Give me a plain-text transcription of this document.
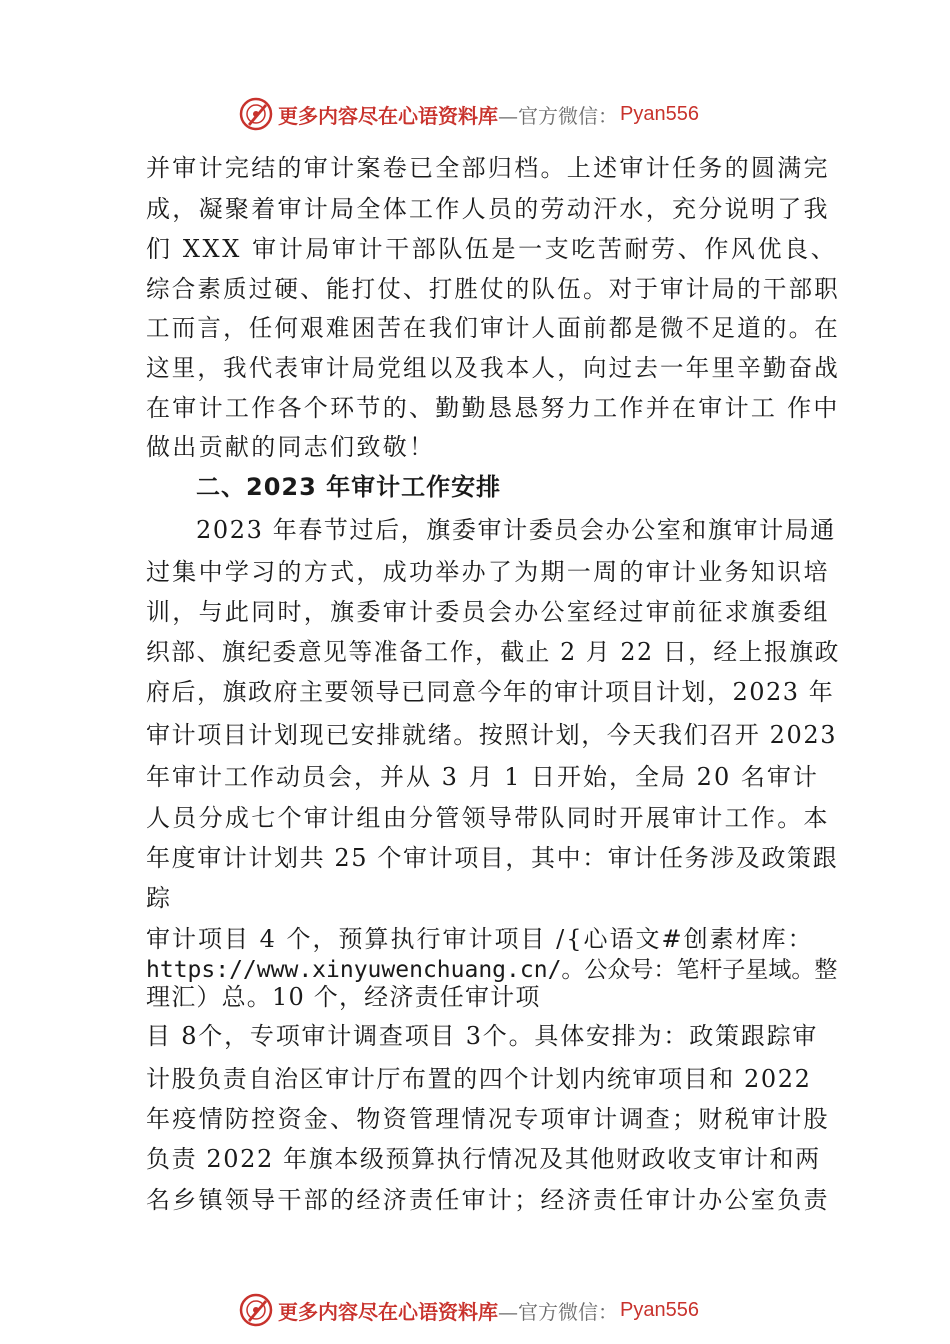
更多内容尽在心语资料库 —官方微信： Pyan556
并审计完结的审计案卷已全部归档。上述审计任务的圆满完
成，凝聚着审计局全体工作人员的劳动汗水，充分说明了我
们 XXX 审计局审计干部队伍是一支吃苦耐劳、作风优良、
综合素质过硬、能打仗、打胜仗的队伍。对于审计局的干部职
工而言，任何艰难困苦在我们审计人面前都是微不足道的。在
这里，我代表审计局党组以及我本人，向过去一年里辛勤奋战
在审计工作各个环节的、勤勤恳恳努力工作并在审计工 作中
做出贡献的同志们致敬！
二、2023 年审计工作安排
2023 年春节过后，旗委审计委员会办公室和旗审计局通
过集中学习的方式，成功举办了为期一周的审计业务知识培
训，与此同时，旗委审计委员会办公室经过审前征求旗委组
织部、旗纪委意见等准备工作，截止 2 月 22 日，经上报旗政
府后，旗政府主要领导已同意今年的审计项目计划，2023 年
审计项目计划现已安排就绪。按照计划，今天我们召开 2023
年审计工作动员会，并从 3 月 1 日开始，全局 20 名审计
人员分成七个审计组由分管领导带队同时开展审计工作。本
年度审计计划共 25 个审计项目，其中：审计任务涉及政策跟
踪
审计项目 4 个，预算执行审计项目 /{心语文#创素材库：
https://www.xinyuwenchuang.cn/。公众号：笔杆子星域。整
理汇）总。10 个，经济责任审计项
目 8个，专项审计调查项目 3个。具体安排为：政策跟踪审
计股负责自治区审计厅布置的四个计划内统审项目和 2022
年疫情防控资金、物资管理情况专项审计调查；财税审计股
负责 2022 年旗本级预算执行情况及其他财政收支审计和两
名乡镇领导干部的经济责任审计；经济责任审计办公室负责
更多内容尽在心语资料库 —官方微信： Pyan556
